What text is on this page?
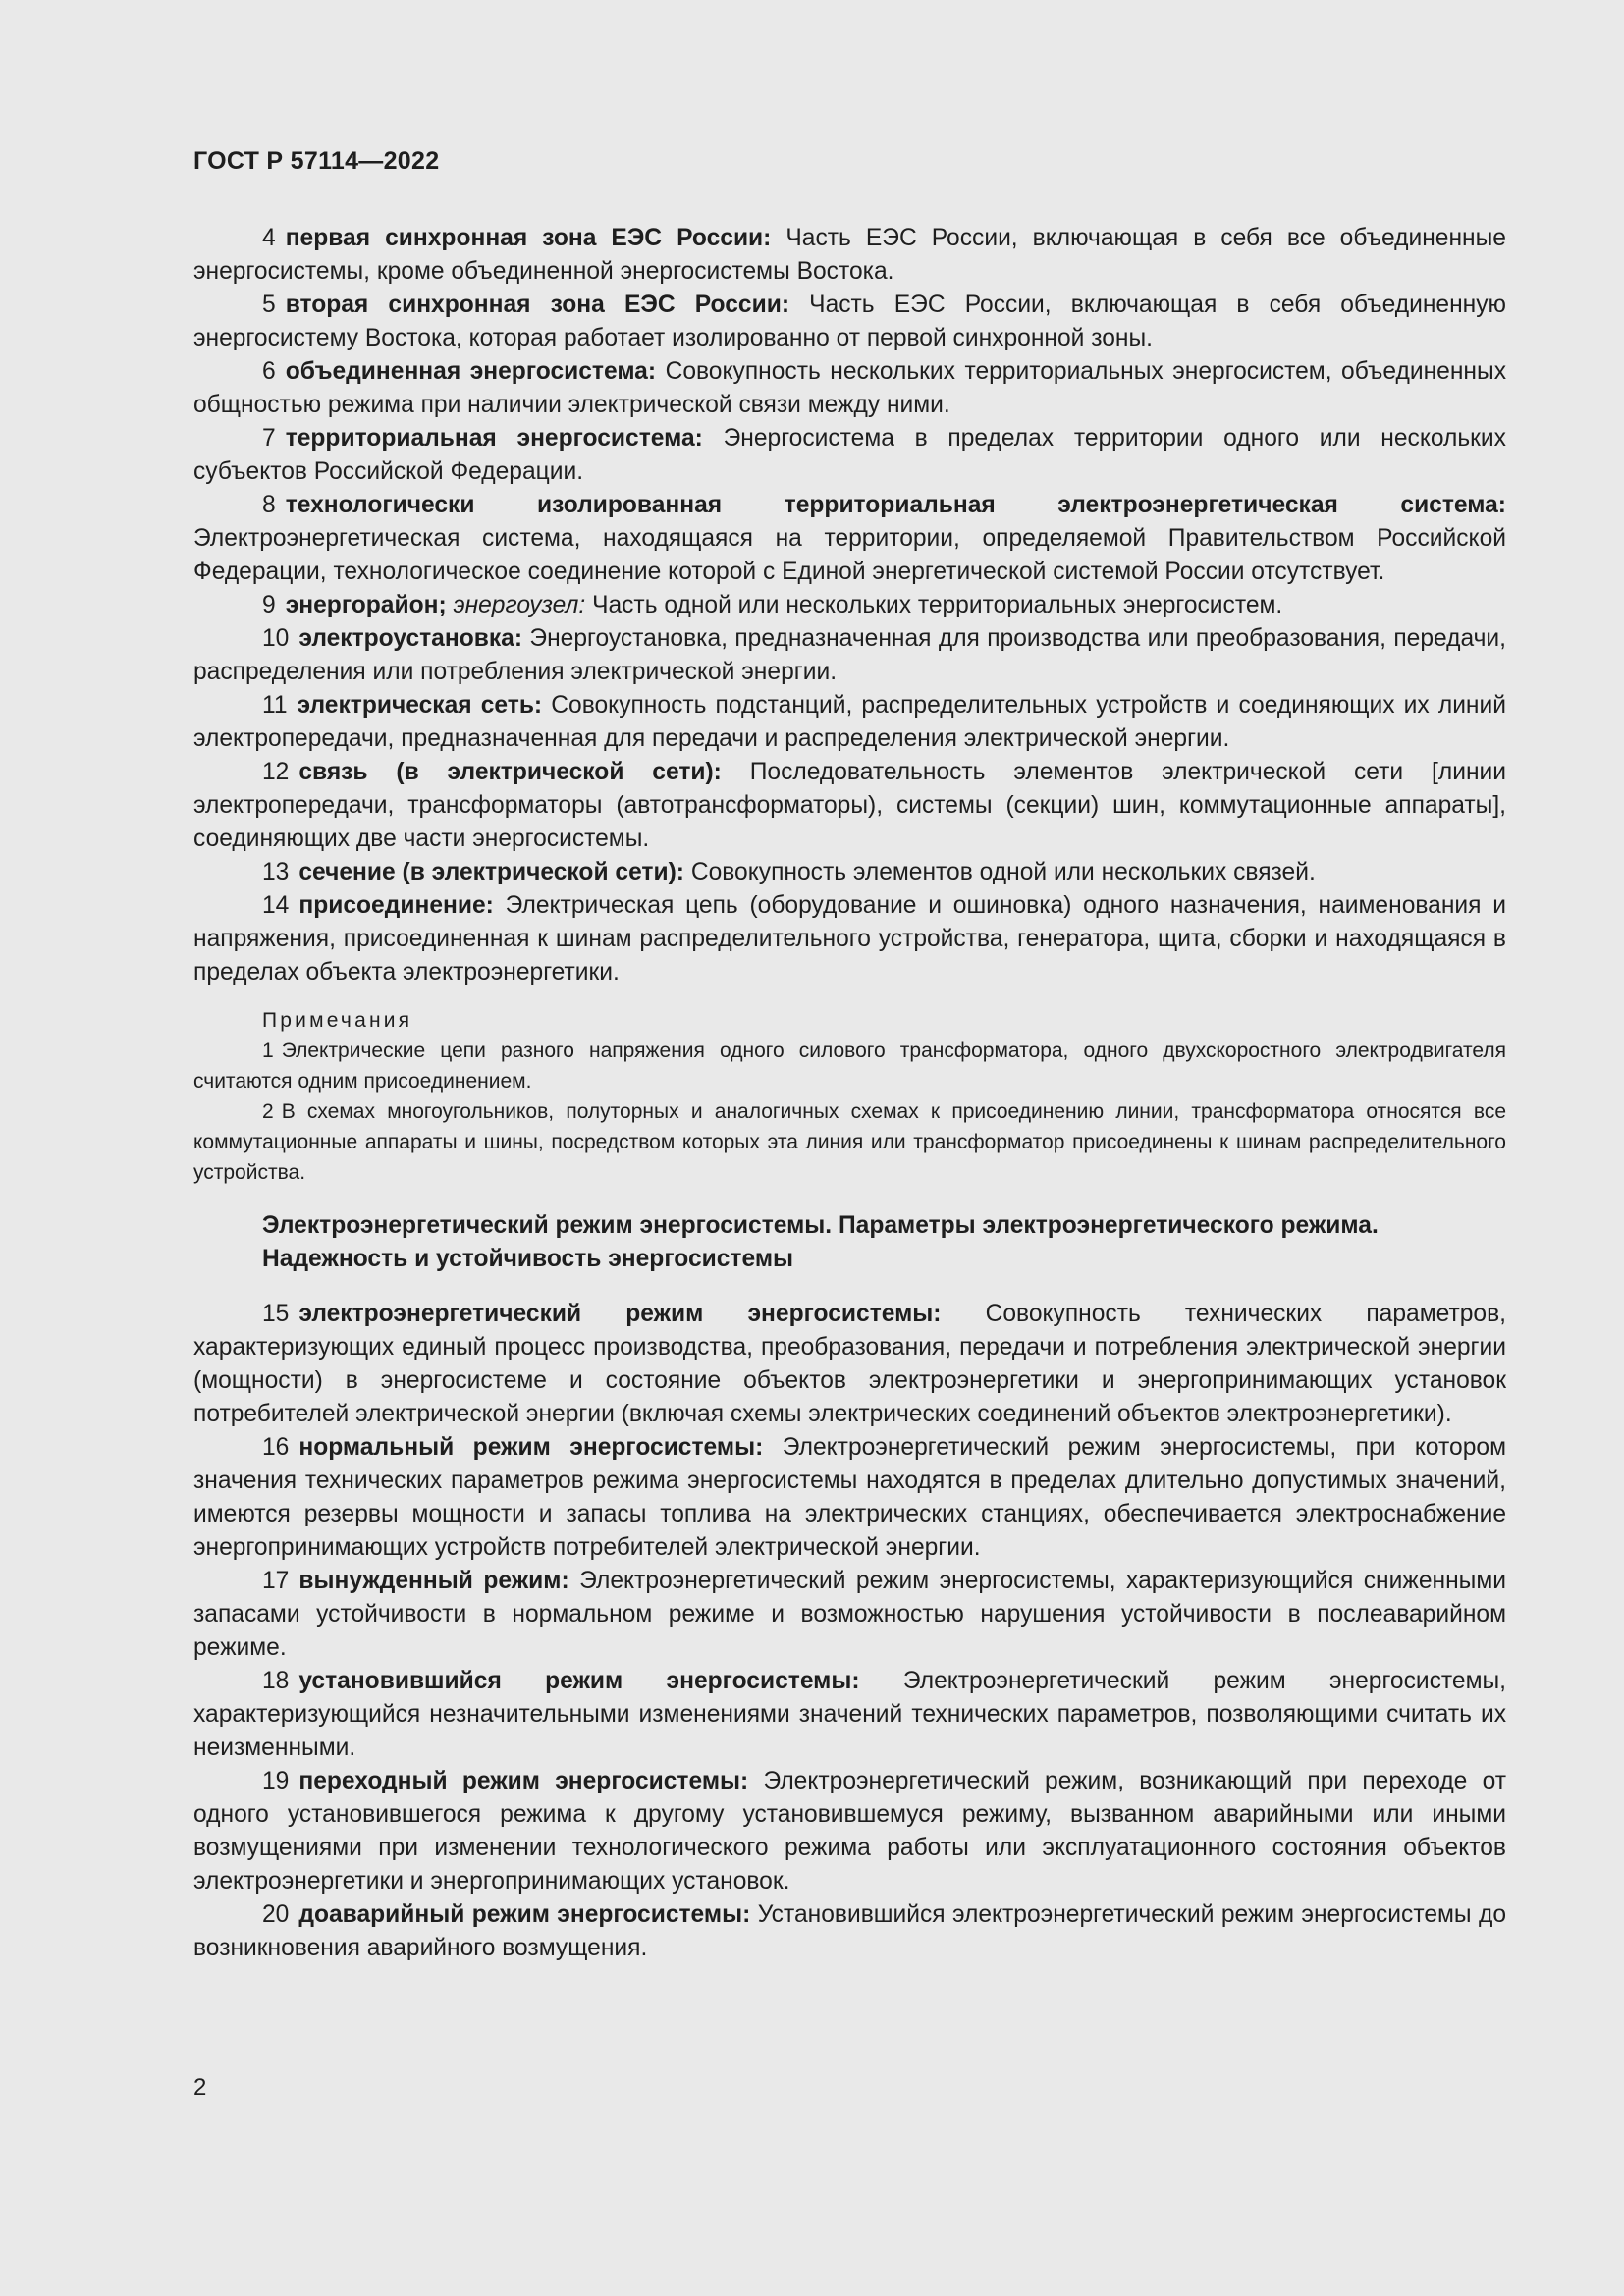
ГОСТ Р 57114—2022

4 первая синхронная зона ЕЭС России: Часть ЕЭС России, включающая в себя все объединенные энергосистемы, кроме объединенной энергосистемы Востока.

5 вторая синхронная зона ЕЭС России: Часть ЕЭС России, включающая в себя объединенную энергосистему Востока, которая работает изолированно от первой синхронной зоны.

6 объединенная энергосистема: Совокупность нескольких территориальных энергосистем, объединенных общностью режима при наличии электрической связи между ними.

7 территориальная энергосистема: Энергосистема в пределах территории одного или нескольких субъектов Российской Федерации.

8 технологически изолированная территориальная электроэнергетическая система: Электроэнергетическая система, находящаяся на территории, определяемой Правительством Российской Федерации, технологическое соединение которой с Единой энергетической системой России отсутствует.

9 энергорайон; энергоузел: Часть одной или нескольких территориальных энергосистем.

10 электроустановка: Энергоустановка, предназначенная для производства или преобразования, передачи, распределения или потребления электрической энергии.

11 электрическая сеть: Совокупность подстанций, распределительных устройств и соединяющих их линий электропередачи, предназначенная для передачи и распределения электрической энергии.

12 связь (в электрической сети): Последовательность элементов электрической сети [линии электропередачи, трансформаторы (автотрансформаторы), системы (секции) шин, коммутационные аппараты], соединяющих две части энергосистемы.

13 сечение (в электрической сети): Совокупность элементов одной или нескольких связей.

14 присоединение: Электрическая цепь (оборудование и ошиновка) одного назначения, наименования и напряжения, присоединенная к шинам распределительного устройства, генератора, щита, сборки и находящаяся в пределах объекта электроэнергетики.

Примечания

1 Электрические цепи разного напряжения одного силового трансформатора, одного двухскоростного электродвигателя считаются одним присоединением.

2 В схемах многоугольников, полуторных и аналогичных схемах к присоединению линии, трансформатора относятся все коммутационные аппараты и шины, посредством которых эта линия или трансформатор присоединены к шинам распределительного устройства.

Электроэнергетический режим энергосистемы. Параметры электроэнергетического режима. Надежность и устойчивость энергосистемы

15 электроэнергетический режим энергосистемы: Совокупность технических параметров, характеризующих единый процесс производства, преобразования, передачи и потребления электрической энергии (мощности) в энергосистеме и состояние объектов электроэнергетики и энергопринимающих установок потребителей электрической энергии (включая схемы электрических соединений объектов электроэнергетики).

16 нормальный режим энергосистемы: Электроэнергетический режим энергосистемы, при котором значения технических параметров режима энергосистемы находятся в пределах длительно допустимых значений, имеются резервы мощности и запасы топлива на электрических станциях, обеспечивается электроснабжение энергопринимающих устройств потребителей электрической энергии.

17 вынужденный режим: Электроэнергетический режим энергосистемы, характеризующийся сниженными запасами устойчивости в нормальном режиме и возможностью нарушения устойчивости в послеаварийном режиме.

18 установившийся режим энергосистемы: Электроэнергетический режим энергосистемы, характеризующийся незначительными изменениями значений технических параметров, позволяющими считать их неизменными.

19 переходный режим энергосистемы: Электроэнергетический режим, возникающий при переходе от одного установившегося режима к другому установившемуся режиму, вызванном аварийными или иными возмущениями при изменении технологического режима работы или эксплуатационного состояния объектов электроэнергетики и энергопринимающих установок.

20 доаварийный режим энергосистемы: Установившийся электроэнергетический режим энергосистемы до возникновения аварийного возмущения.

2
